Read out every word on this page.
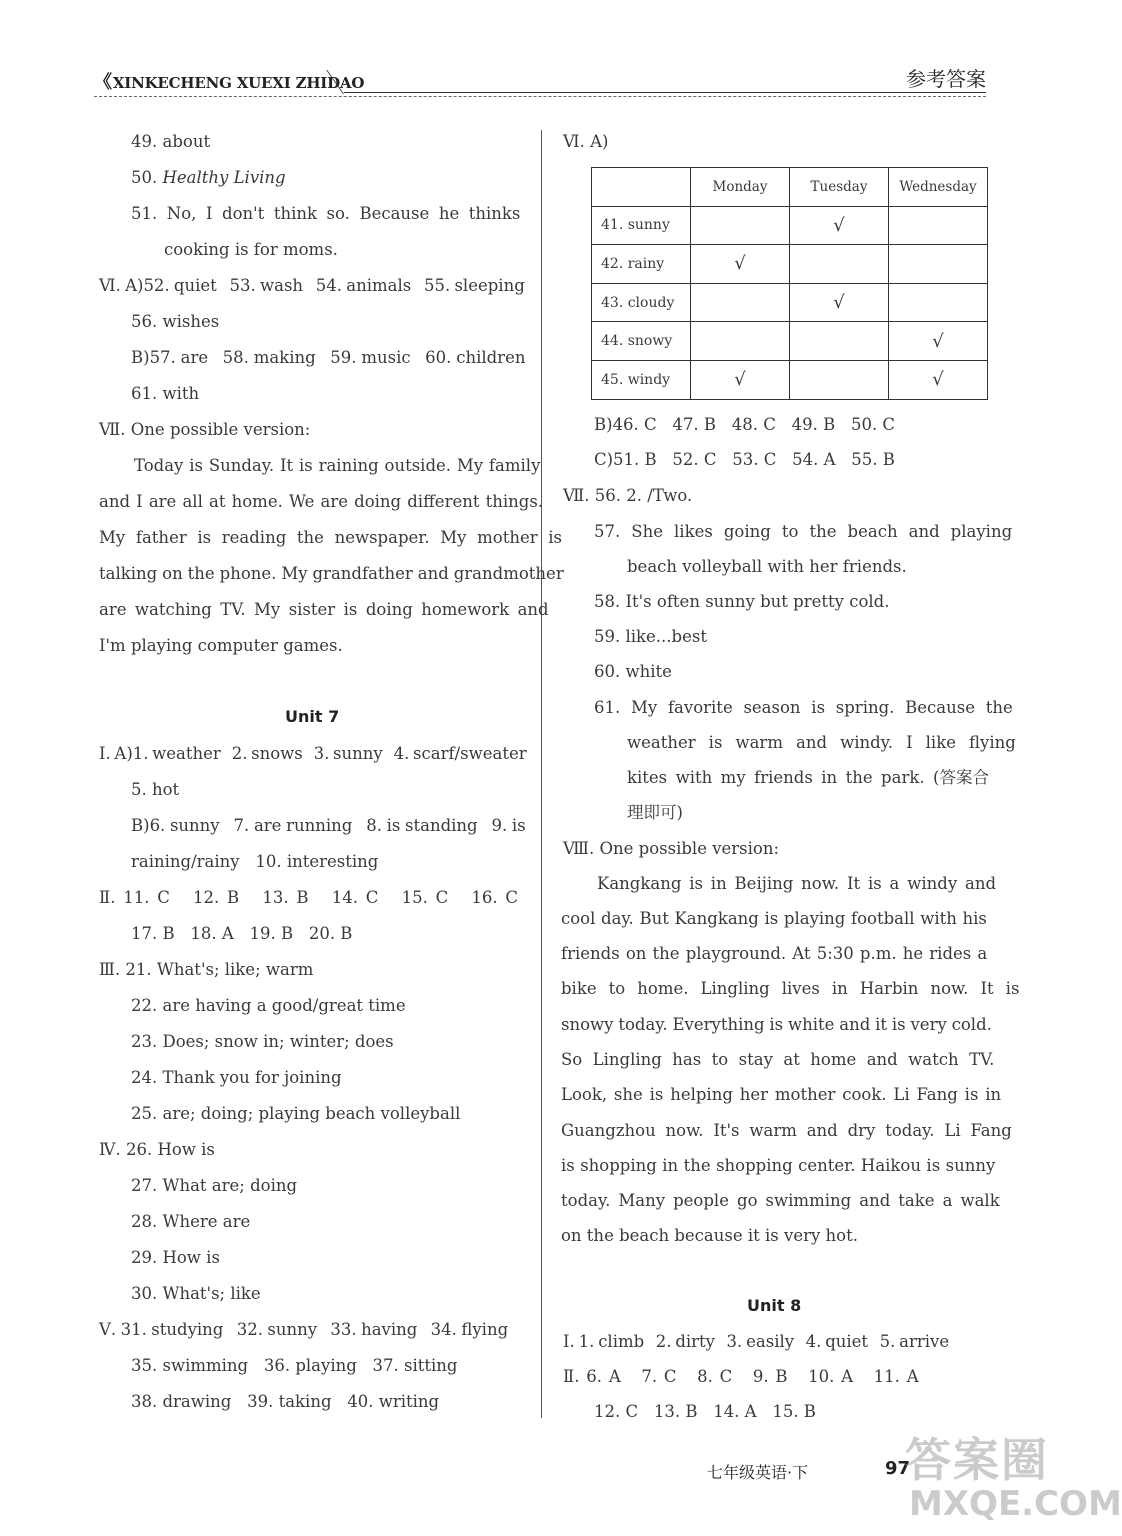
《XINKECHENG XUEXI ZHIDAO	参考答案
49. about
50. Healthy Living
51. No, I don't think so. Because he thinks
cooking is for moms.
Ⅵ. A)52. quiet   53. wash   54. animals   55. sleeping
56. wishes
B)57. are   58. making   59. music   60. children
61. with
Ⅶ. One possible version:
Today is Sunday. It is raining outside. My family
and I are all at home. We are doing different things.
My father is reading the newspaper. My mother is
talking on the phone. My grandfather and grandmother
are watching TV. My sister is doing homework and
I'm playing computer games.
Unit 7
Ⅰ. A)1. weather   2. snows   3. sunny   4. scarf/sweater
5. hot
B)6. sunny   7. are running   8. is standing   9. is
raining/rainy   10. interesting
Ⅱ. 11. C   12. B   13. B   14. C   15. C   16. C
17. B   18. A   19. B   20. B
Ⅲ. 21. What's; like; warm
22. are having a good/great time
23. Does; snow in; winter; does
24. Thank you for joining
25. are; doing; playing beach volleyball
Ⅳ. 26. How is
27. What are; doing
28. Where are
29. How is
30. What's; like
Ⅴ. 31. studying   32. sunny   33. having   34. flying
35. swimming   36. playing   37. sitting
38. drawing   39. taking   40. writing
Ⅵ. A)
	Monday	Tuesday	Wednesday
41. sunny		√	
42. rainy	√		
43. cloudy		√	
44. snowy			√
45. windy	√		√
B)46. C   47. B   48. C   49. B   50. C
C)51. B   52. C   53. C   54. A   55. B
Ⅶ. 56. 2. /Two.
57. She likes going to the beach and playing
beach volleyball with her friends.
58. It's often sunny but pretty cold.
59. like...best
60. white
61. My favorite season is spring. Because the
weather is warm and windy. I like flying
kites with my friends in the park. (答案合
理即可)
Ⅷ. One possible version:
Kangkang is in Beijing now. It is a windy and
cool day. But Kangkang is playing football with his
friends on the playground. At 5:30 p.m. he rides a
bike to home. Lingling lives in Harbin now. It is
snowy today. Everything is white and it is very cold.
So Lingling has to stay at home and watch TV.
Look, she is helping her mother cook. Li Fang is in
Guangzhou now. It's warm and dry today. Li Fang
is shopping in the shopping center. Haikou is sunny
today. Many people go swimming and take a walk
on the beach because it is very hot.
Unit 8
Ⅰ. 1. climb   2. dirty   3. easily   4. quiet   5. arrive
Ⅱ. 6. A   7. C   8. C   9. B   10. A   11. A
12. C   13. B   14. A   15. B
七年级英语·下	97
答案圈
MXQE.COM
